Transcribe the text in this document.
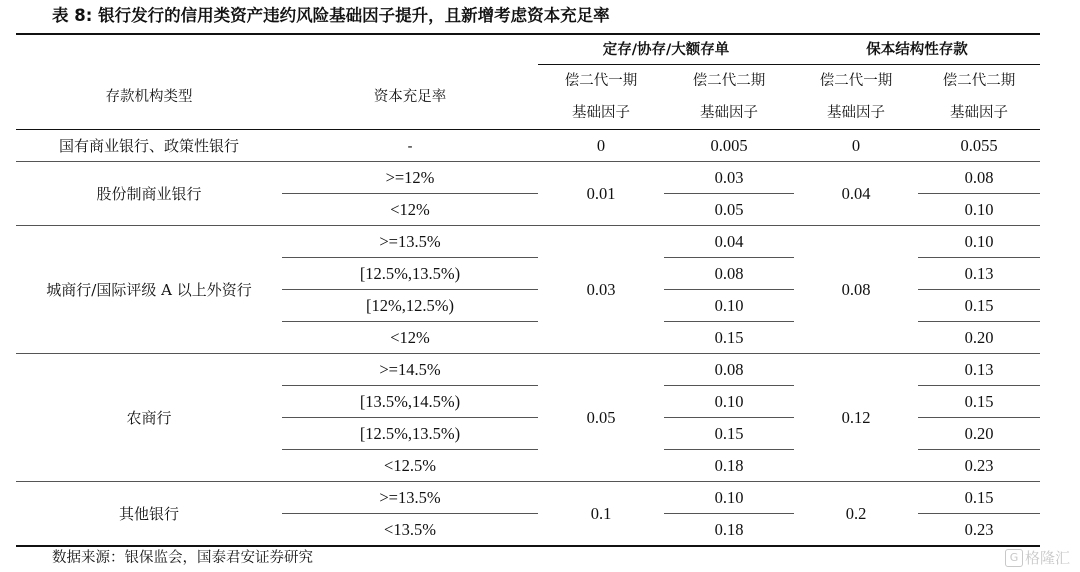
表 8: 银行发行的信用类资产违约风险基础因子提升，且新增考虑资本充足率
		定存/协存/大额存单		保本结构性存款	
存款机构类型	资本充足率	偿二代一期	偿二代二期	偿二代一期	偿二代二期
		基础因子	基础因子	基础因子	基础因子
国有商业银行、政策性银行	-	0	0.005	0	0.055
股份制商业银行	>=12%	0.01	0.03	0.04	0.08
	<12%		0.05		0.10
城商行/国际评级 A 以上外资行	>=13.5%	0.03	0.04	0.08	0.10
	[12.5%,13.5%)		0.08		0.13
	[12%,12.5%)		0.10		0.15
	<12%		0.15		0.20
农商行	>=14.5%	0.05	0.08	0.12	0.13
	[13.5%,14.5%)		0.10		0.15
	[12.5%,13.5%)		0.15		0.20
	<12.5%		0.18		0.23
其他银行	>=13.5%	0.1	0.10	0.2	0.15
	<13.5%		0.18		0.23
数据来源：银保监会，国泰君安证券研究	G 格隆汇
